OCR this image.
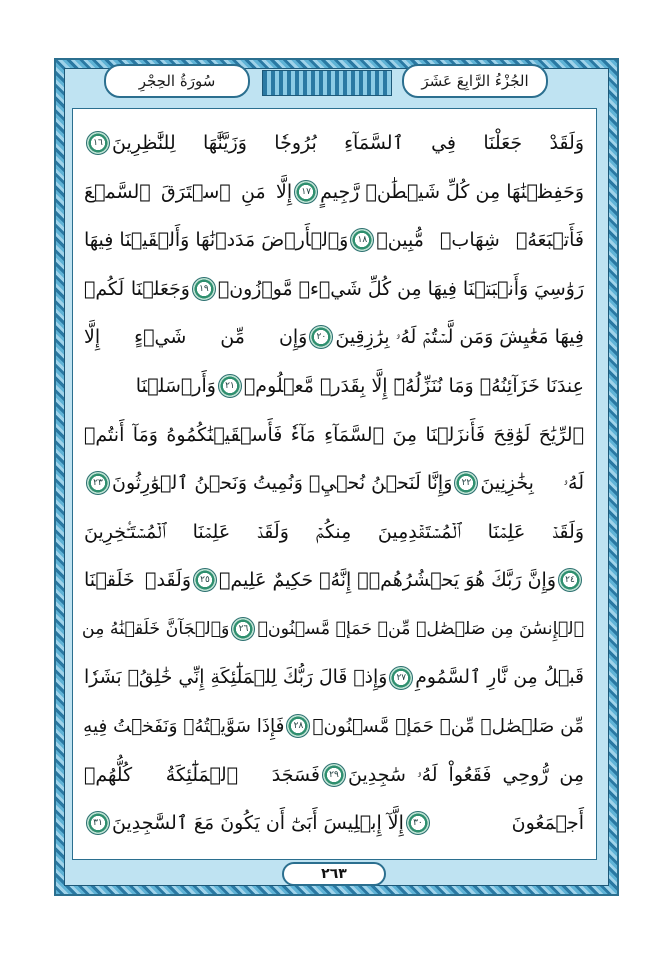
سُورَةُ الحِجْرِ	الجُزْءُ الرَّابِعَ عَشَرَ
وَلَقَدْ جَعَلْنَا فِي ٱلسَّمَآءِ بُرُوجٗا وَزَيَّنَّٰهَا لِلنَّٰظِرِينَ
١٦
وَحَفِظۡنَٰهَا مِن كُلِّ شَيۡطَٰنٖ رَّجِيمٍ
١٧
إِلَّا مَنِ ٱسۡتَرَقَ ٱلسَّمۡعَ
فَأَتۡبَعَهُۥ شِهَابٞ مُّبِينٞ
١٨
وَٱلۡأَرۡضَ مَدَدۡنَٰهَا وَأَلۡقَيۡنَا فِيهَا
رَوَٰسِيَ وَأَنۢبَتۡنَا فِيهَا مِن كُلِّ شَيۡءٖ مَّوۡزُونٖ
١٩
وَجَعَلۡنَا لَكُمۡ
فِيهَا مَعَٰيِشَ وَمَن لَّسۡتُمۡ لَهُۥ بِرَٰزِقِينَ
٢٠
وَإِن مِّن شَيۡءٍ إِلَّا
عِندَنَا خَزَآئِنُهُۥ وَمَا نُنَزِّلُهُۥٓ إِلَّا بِقَدَرٖ مَّعۡلُومٖ
٢١
وَأَرۡسَلۡنَا
ٱلرِّيَٰحَ لَوَٰقِحَ فَأَنزَلۡنَا مِنَ ٱلسَّمَآءِ مَآءٗ فَأَسۡقَيۡنَٰكُمُوهُ وَمَآ أَنتُمۡ
لَهُۥ بِخَٰزِنِينَ
٢٢
وَإِنَّا لَنَحۡنُ نُحۡيِۦ وَنُمِيتُ وَنَحۡنُ ٱلۡوَٰرِثُونَ
٢٣
وَلَقَدۡ عَلِمۡنَا ٱلۡمُسۡتَقۡدِمِينَ مِنكُمۡ وَلَقَدۡ عَلِمۡنَا ٱلۡمُسۡتَـٔۡخِرِينَ
٢٤
وَإِنَّ رَبَّكَ هُوَ يَحۡشُرُهُمۡۚ إِنَّهُۥ حَكِيمٌ عَلِيمٞ
٢٥
وَلَقَدۡ خَلَقۡنَا
ٱلۡإِنسَٰنَ مِن صَلۡصَٰلٖ مِّنۡ حَمَإٖ مَّسۡنُونٖ
٢٦
وَٱلۡجَآنَّ خَلَقۡنَٰهُ مِن
قَبۡلُ مِن نَّارِ ٱلسَّمُومِ
٢٧
وَإِذۡ قَالَ رَبُّكَ لِلۡمَلَٰٓئِكَةِ إِنِّي خَٰلِقُۢ بَشَرٗا
مِّن صَلۡصَٰلٖ مِّنۡ حَمَإٖ مَّسۡنُونٖ
٢٨
فَإِذَا سَوَّيۡتُهُۥ وَنَفَخۡتُ فِيهِ
مِن رُّوحِي فَقَعُواْ لَهُۥ سَٰجِدِينَ
٢٩
فَسَجَدَ ٱلۡمَلَٰٓئِكَةُ كُلُّهُمۡ
أَجۡمَعُونَ
٣٠
إِلَّآ إِبۡلِيسَ أَبَىٰٓ أَن يَكُونَ مَعَ ٱلسَّٰجِدِينَ
٣١
٢٦٣
